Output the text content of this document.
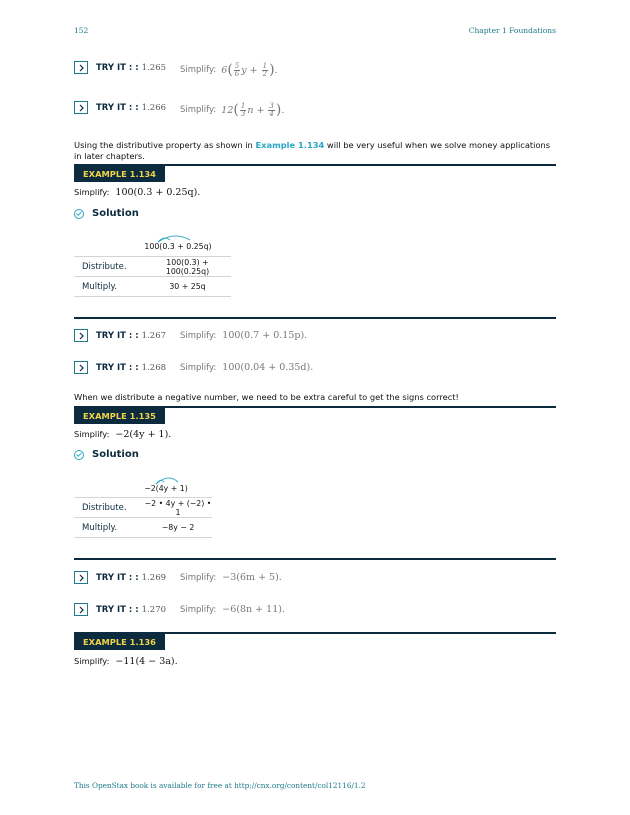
152	Chapter 1 Foundations
TRY IT : : 1.265 Simplify: 6 ( $\frac{5}{6}$ $y + \frac{1}{2}$ ) .
TRY IT : : 1.266 Simplify: 12 ( $\frac{1}{3}$ $n + \frac{3}{4}$ ) .
Using the distributive property as shown in Example 1.134 will be very useful when we solve money applications in later chapters.
EXAMPLE 1.134
Simplify: 100(0.3 + 0.25q).
Solution
100(0.3 + 0.25q)
Distribute.	100(0.3) + 100(0.25q)
Multiply.	30 + 25q
TRY IT : : 1.267 Simplify: 100(0.7 + 0.15p).
TRY IT : : 1.268 Simplify: 100(0.04 + 0.35d).
When we distribute a negative number, we need to be extra careful to get the signs correct!
EXAMPLE 1.135
Simplify: −2(4y + 1).
Solution
−2(4y + 1)
Distribute.	−2 • 4y + (−2) • 1
Multiply.	−8y − 2
TRY IT : : 1.269 Simplify: −3(6m + 5).
TRY IT : : 1.270 Simplify: −6(8n + 11).
EXAMPLE 1.136
Simplify: −11(4 − 3a).
This OpenStax book is available for free at http://cnx.org/content/col12116/1.2
